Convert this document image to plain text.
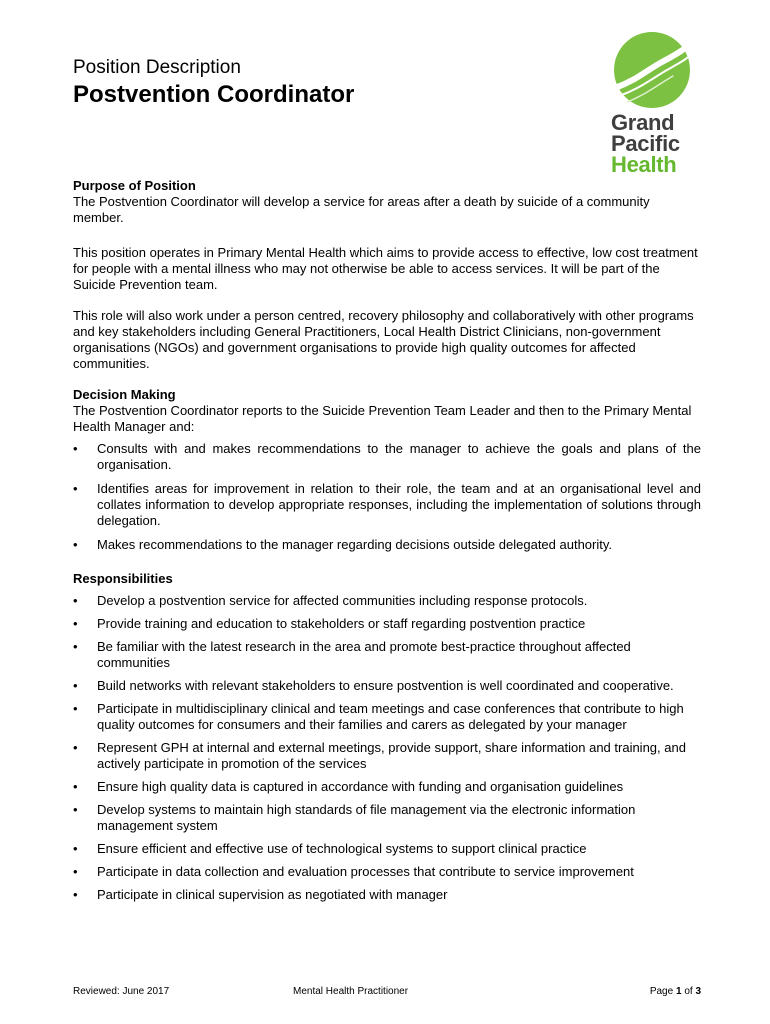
Position Description
Postvention Coordinator
Grand
Pacific
Health
Purpose of Position

The Postvention Coordinator will develop a service for areas after a death by suicide of a community member.

This position operates in Primary Mental Health which aims to provide access to effective, low cost treatment for people with a mental illness who may not otherwise be able to access services. It will be part of the Suicide Prevention team.

This role will also work under a person centred, recovery philosophy and collaboratively with other programs and key stakeholders including General Practitioners, Local Health District Clinicians, non-government organisations (NGOs) and government organisations to provide high quality outcomes for affected communities.

Decision Making
The Postvention Coordinator reports to the Suicide Prevention Team Leader and then to the Primary Mental Health Manager and:
• Consults with and makes recommendations to the manager to achieve the goals and plans of the organisation.
• Identifies areas for improvement in relation to their role, the team and at an organisational level and collates information to develop appropriate responses, including the implementation of solutions through delegation.
• Makes recommendations to the manager regarding decisions outside delegated authority.
Responsibilities
• Develop a postvention service for affected communities including response protocols.
• Provide training and education to stakeholders or staff regarding postvention practice
• Be familiar with the latest research in the area and promote best-practice throughout affected communities
• Build networks with relevant stakeholders to ensure postvention is well coordinated and cooperative.
• Participate in multidisciplinary clinical and team meetings and case conferences that contribute to high quality outcomes for consumers and their families and carers as delegated by your manager
• Represent GPH at internal and external meetings, provide support, share information and training, and actively participate in promotion of the services
• Ensure high quality data is captured in accordance with funding and organisation guidelines
• Develop systems to maintain high standards of file management via the electronic information management system
• Ensure efficient and effective use of technological systems to support clinical practice
• Participate in data collection and evaluation processes that contribute to service improvement
• Participate in clinical supervision as negotiated with manager
Reviewed: June 2017	Mental Health Practitioner	Page 1 of 3
